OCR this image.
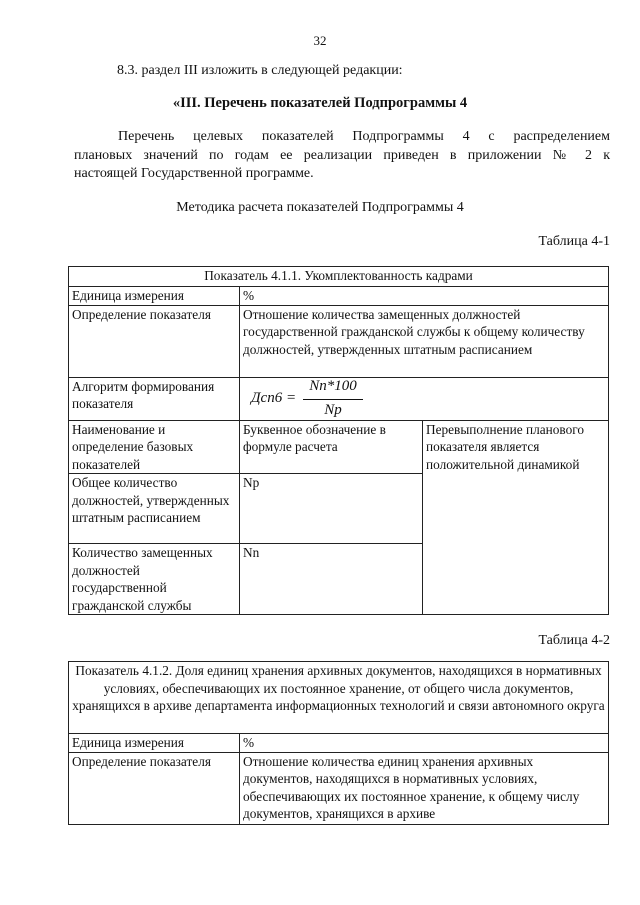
32
8.3. раздел III изложить в следующей редакции:
«III. Перечень показателей Подпрограммы 4
Перечень целевых показателей Подпрограммы 4 с распределением
плановых значений по годам ее реализации приведен в приложении № 2 к
настоящей Государственной программе.
Методика расчета показателей Подпрограммы 4
Таблица 4-1
Показатель 4.1.1. Укомплектованность кадрами		
Единица измерения	%	
Определение показателя	Отношение количества замещенных должностей государственной гражданской службы к общему количеству должностей, утвержденных штатным расписанием	
Алгоритм формирования показателя	Дсп6 =
Nn*100
Np	

Наименование и определение базовых показателей	Буквенное обозначение в формуле расчета	Перевыполнение планового показателя является положительной динамикой
Общее количество должностей, утвержденных штатным расписанием	Np	
Количество замещенных должностей государственной гражданской службы	Nn	
Таблица 4-2
Показатель 4.1.2. Доля единиц хранения архивных документов, находящихся в нормативных условиях, обеспечивающих их постоянное хранение, от общего числа документов, хранящихся в архиве департамента информационных технологий и связи автономного округа	
Единица измерения	%
Определение показателя	Отношение количества единиц хранения архивных документов, находящихся в нормативных условиях, обеспечивающих их постоянное хранение, к общему числу документов, хранящихся в архиве
